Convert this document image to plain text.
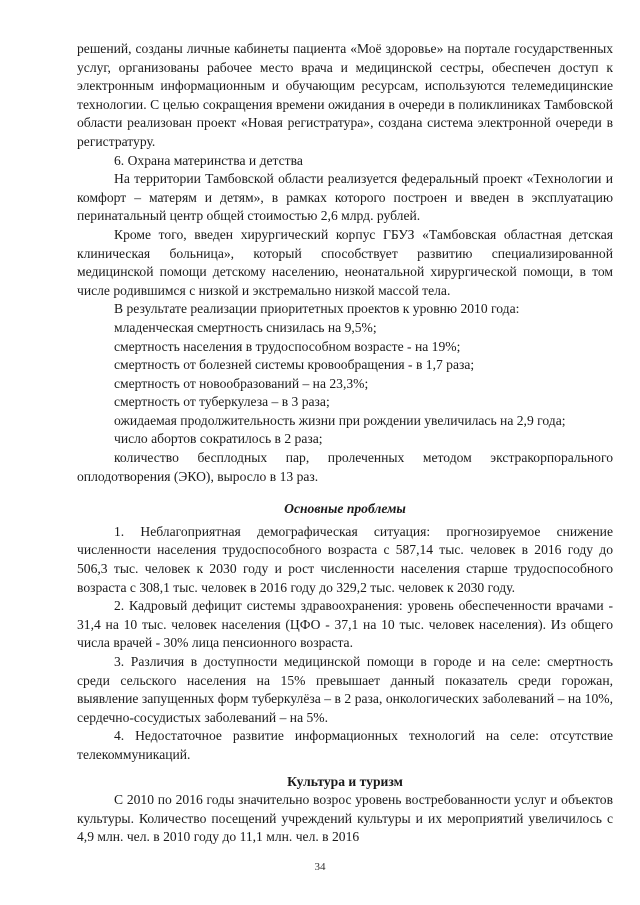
решений, созданы личные кабинеты пациента «Моё здоровье» на портале государственных услуг, организованы рабочее место врача и медицинской сестры, обеспечен доступ к электронным информационным и обучающим ресурсам, используются телемедицинские технологии. С целью сокращения времени ожидания в очереди в поликлиниках Тамбовской области реализован проект «Новая регистратура», создана система электронной очереди в регистратуру.

6. Охрана материнства и детства

На территории Тамбовской области реализуется федеральный проект «Технологии и комфорт – матерям и детям», в рамках которого построен и введен в эксплуатацию перинатальный центр общей стоимостью 2,6 млрд. рублей.

Кроме того, введен хирургический корпус ГБУЗ «Тамбовская областная детская клиническая больница», который способствует развитию специализированной медицинской помощи детскому населению, неонатальной хирургической помощи, в том числе родившимся с низкой и экстремально низкой массой тела.

В результате реализации приоритетных проектов к уровню 2010 года:

младенческая смертность снизилась на 9,5%;

смертность населения в трудоспособном возрасте - на 19%;

смертность от болезней системы кровообращения - в 1,7 раза;

смертность от новообразований – на 23,3%;

смертность от туберкулеза – в 3 раза;

ожидаемая продолжительность жизни при рождении увеличилась на 2,9 года;

число абортов сократилось в 2 раза;

количество бесплодных пар, пролеченных методом экстракорпорального оплодотворения (ЭКО), выросло в 13 раз.

Основные проблемы

1. Неблагоприятная демографическая ситуация: прогнозируемое снижение численности населения трудоспособного возраста с 587,14 тыс. человек в 2016 году до 506,3 тыс. человек к 2030 году и рост численности населения старше трудоспособного возраста с 308,1 тыс. человек в 2016 году до 329,2 тыс. человек к 2030 году.

2. Кадровый дефицит системы здравоохранения: уровень обеспеченности врачами - 31,4 на 10 тыс. человек населения (ЦФО - 37,1 на 10 тыс. человек населения). Из общего числа врачей - 30% лица пенсионного возраста.

3. Различия в доступности медицинской помощи в городе и на селе: смертность среди сельского населения на 15% превышает данный показатель среди горожан, выявление запущенных форм туберкулёза – в 2 раза, онкологических заболеваний – на 10%, сердечно-сосудистых заболеваний – на 5%.

4. Недостаточное развитие информационных технологий на селе: отсутствие телекоммуникаций.

Культура и туризм

С 2010 по 2016 годы значительно возрос уровень востребованности услуг и объектов культуры. Количество посещений учреждений культуры и их мероприятий увеличилось с 4,9 млн. чел. в 2010 году до 11,1 млн. чел. в 2016

34
